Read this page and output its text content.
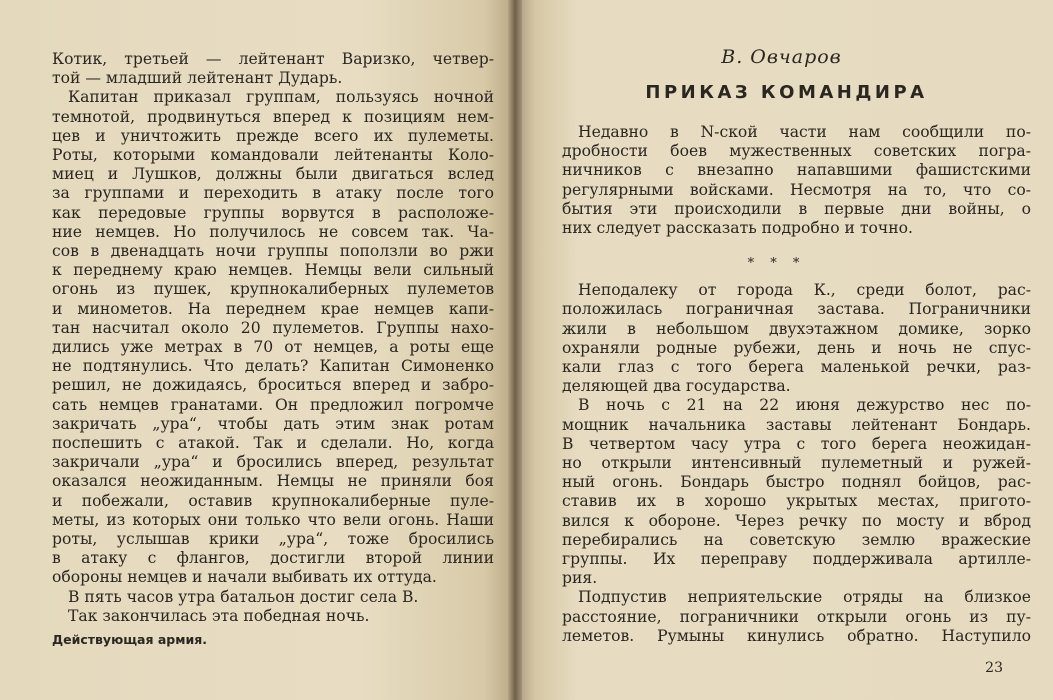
Котик, третьей — лейтенант Варизко, четвер-
той — младший лейтенант Дударь.
Капитан приказал группам, пользуясь ночной
темнотой, продвинуться вперед к позициям нем-
цев и уничтожить прежде всего их пулеметы.
Роты, которыми командовали лейтенанты Коло-
миец и Лушков, должны были двигаться вслед
за группами и переходить в атаку после того
как передовые группы ворвутся в расположе-
ние немцев. Но получилось не совсем так. Ча-
сов в двенадцать ночи группы поползли во ржи
к переднему краю немцев. Немцы вели сильный
огонь из пушек, крупнокалиберных пулеметов
и минометов. На переднем крае немцев капи-
тан насчитал около 20 пулеметов. Группы нахо-
дились уже метрах в 70 от немцев, а роты еще
не подтянулись. Что делать? Капитан Симоненко
решил, не дожидаясь, броситься вперед и забро-
сать немцев гранатами. Он предложил погромче
закричать „ура“, чтобы дать этим знак ротам
поспешить с атакой. Так и сделали. Но, когда
закричали „ура“ и бросились вперед, результат
оказался неожиданным. Немцы не приняли боя
и побежали, оставив крупнокалиберные пуле-
меты, из которых они только что вели огонь. Наши
роты, услышав крики „ура“, тоже бросились
в атаку с флангов, достигли второй линии
обороны немцев и начали выбивать их оттуда.
В пять часов утра батальон достиг села В.
Так закончилась эта победная ночь.
Действующая армия.
В. Овчаров
ПРИКАЗ КОМАНДИРА
Недавно в N-ской части нам сообщили по-
дробности боев мужественных советских погра-
ничников с внезапно напавшими фашистскими
регулярными войсками. Несмотря на то, что со-
бытия эти происходили в первые дни войны, о
них следует рассказать подробно и точно.
* * *
Неподалеку от города К., среди болот, рас-
положилась пограничная застава. Пограничники
жили в небольшом двухэтажном домике, зорко
охраняли родные рубежи, день и ночь не спус-
кали глаз с того берега маленькой речки, раз-
деляющей два государства.
В ночь с 21 на 22 июня дежурство нес по-
мощник начальника заставы лейтенант Бондарь.
В четвертом часу утра с того берега неожидан-
но открыли интенсивный пулеметный и ружей-
ный огонь. Бондарь быстро поднял бойцов, рас-
ставив их в хорошо укрытых местах, пригото-
вился к обороне. Через речку по мосту и вброд
перебирались на советскую землю вражеские
группы. Их переправу поддерживала артилле-
рия.
Подпустив неприятельские отряды на близкое
расстояние, пограничники открыли огонь из пу-
леметов. Румыны кинулись обратно. Наступило
23
